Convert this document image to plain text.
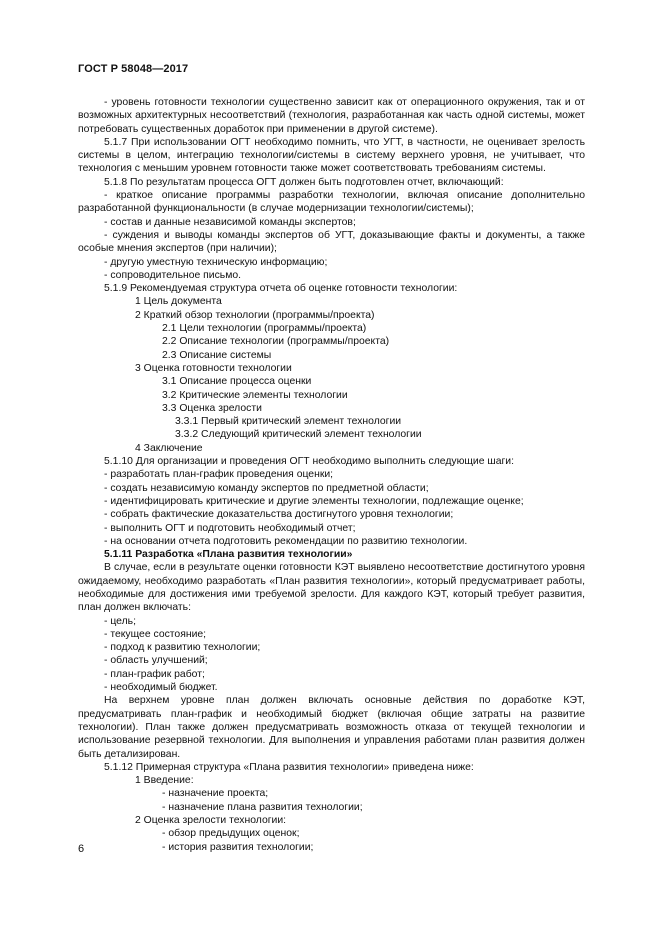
ГОСТ Р 58048—2017

- уровень готовности технологии существенно зависит как от операционного окружения, так и от возможных архитектурных несоответствий (технология, разработанная как часть одной системы, может потребовать существенных доработок при применении в другой системе).

5.1.7 При использовании ОГТ необходимо помнить, что УГТ, в частности, не оценивает зрелость системы в целом, интеграцию технологии/системы в систему верхнего уровня, не учитывает, что технология с меньшим уровнем готовности также может соответствовать требованиям системы.

5.1.8 По результатам процесса ОГТ должен быть подготовлен отчет, включающий:

- краткое описание программы разработки технологии, включая описание дополнительно разработанной функциональности (в случае модернизации технологии/системы);

- состав и данные независимой команды экспертов;

- суждения и выводы команды экспертов об УГТ, доказывающие факты и документы, а также особые мнения экспертов (при наличии);

- другую уместную техническую информацию;

- сопроводительное письмо.

5.1.9 Рекомендуемая структура отчета об оценке готовности технологии:

1 Цель документа

2 Краткий обзор технологии (программы/проекта)

2.1 Цели технологии (программы/проекта)

2.2 Описание технологии (программы/проекта)

2.3 Описание системы

3 Оценка готовности технологии

3.1 Описание процесса оценки

3.2 Критические элементы технологии

3.3 Оценка зрелости

3.3.1 Первый критический элемент технологии

3.3.2 Следующий критический элемент технологии

4 Заключение

5.1.10 Для организации и проведения ОГТ необходимо выполнить следующие шаги:

- разработать план-график проведения оценки;

- создать независимую команду экспертов по предметной области;

- идентифицировать критические и другие элементы технологии, подлежащие оценке;

- собрать фактические доказательства достигнутого уровня технологии;

- выполнить ОГТ и подготовить необходимый отчет;

- на основании отчета подготовить рекомендации по развитию технологии.

5.1.11 Разработка «Плана развития технологии»

В случае, если в результате оценки готовности КЭТ выявлено несоответствие достигнутого уровня ожидаемому, необходимо разработать «План развития технологии», который предусматривает работы, необходимые для достижения ими требуемой зрелости. Для каждого КЭТ, который требует развития, план должен включать:

- цель;

- текущее состояние;

- подход к развитию технологии;

- область улучшений;

- план-график работ;

- необходимый бюджет.

На верхнем уровне план должен включать основные действия по доработке КЭТ, предусматривать план-график и необходимый бюджет (включая общие затраты на развитие технологии). План также должен предусматривать возможность отказа от текущей технологии и использование резервной технологии. Для выполнения и управления работами план развития должен быть детализирован.

5.1.12 Примерная структура «Плана развития технологии» приведена ниже:

1 Введение:

- назначение проекта;

- назначение плана развития технологии;

2 Оценка зрелости технологии:

- обзор предыдущих оценок;

- история развития технологии;

6
